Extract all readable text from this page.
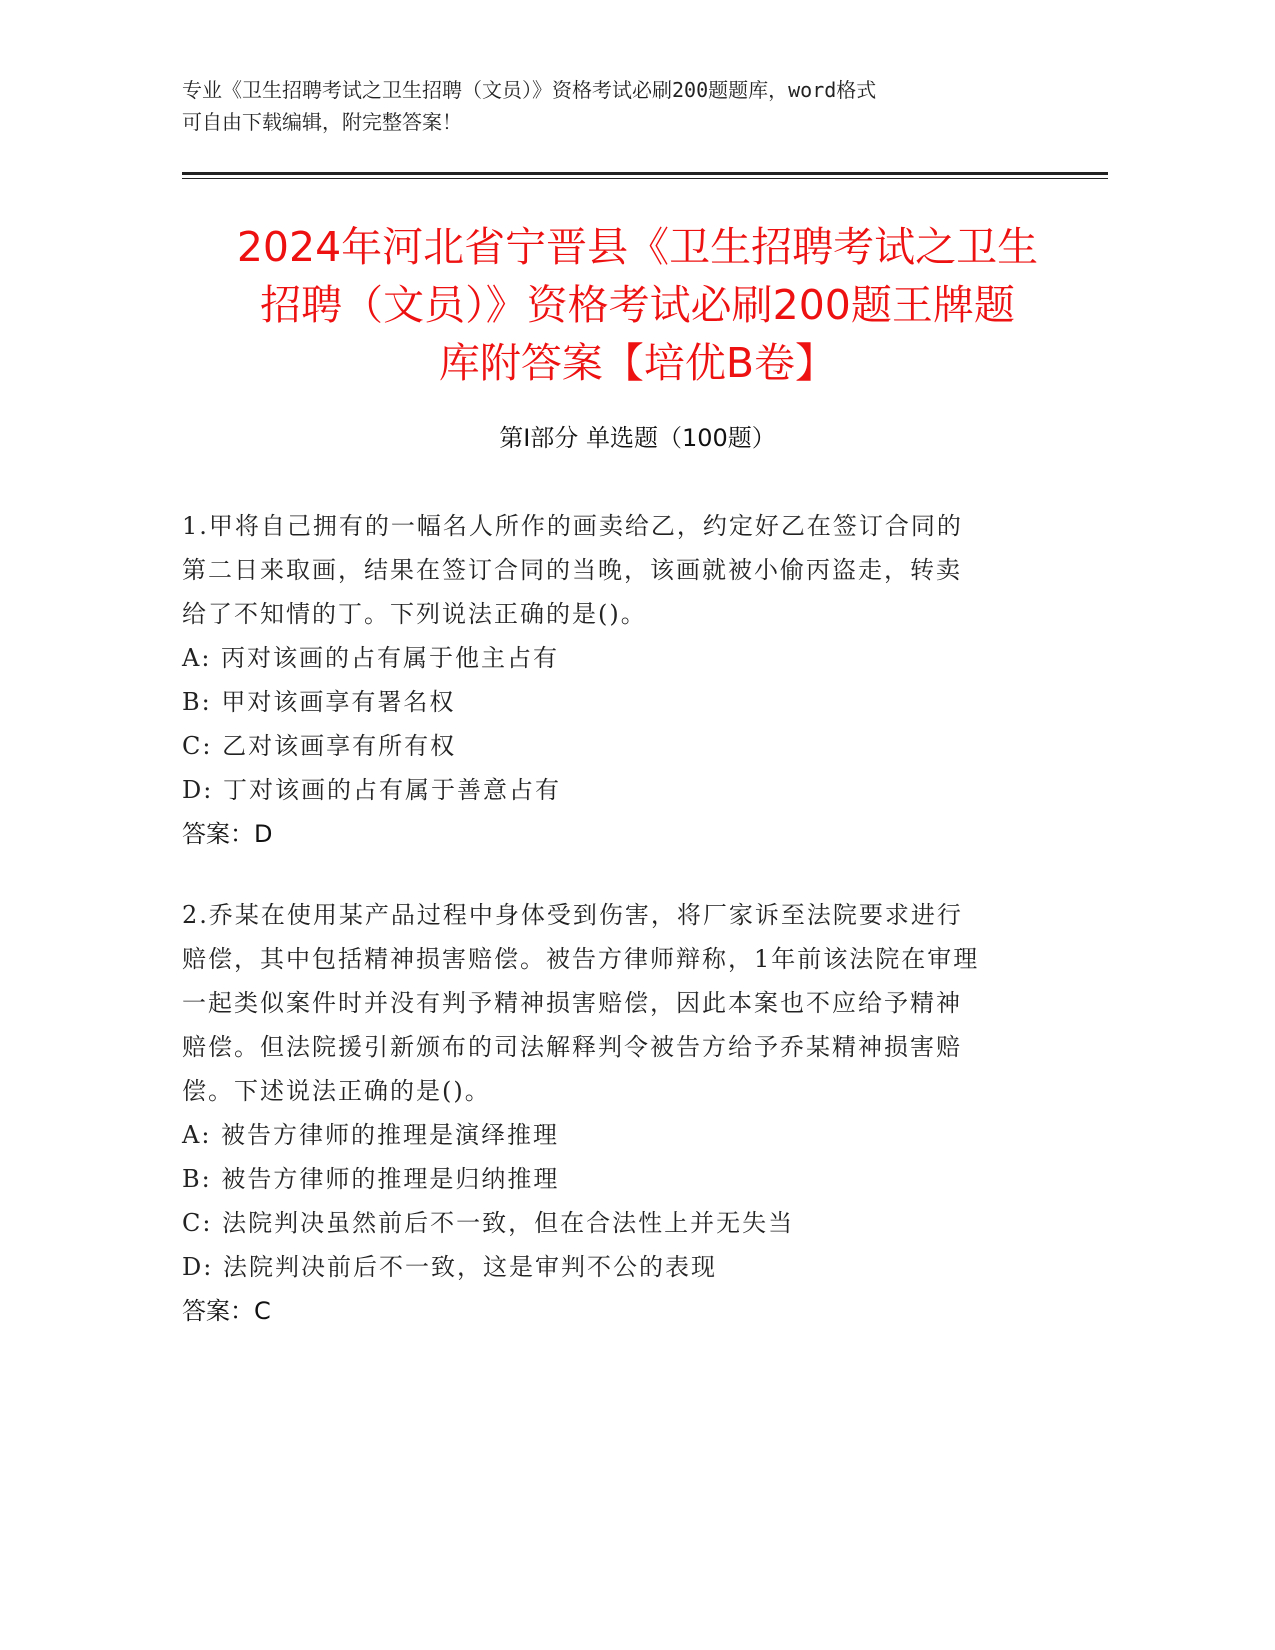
专业《卫生招聘考试之卫生招聘（文员）》资格考试必刷200题题库，word格式
可自由下载编辑，附完整答案！
2024年河北省宁晋县《卫生招聘考试之卫生
招聘（文员）》资格考试必刷200题王牌题
库附答案【培优B卷】
第Ⅰ部分 单选题（100题）
1.甲将自己拥有的一幅名人所作的画卖给乙，约定好乙在签订合同的
第二日来取画，结果在签订合同的当晚，该画就被小偷丙盗走，转卖
给了不知情的丁。下列说法正确的是()。
A: 丙对该画的占有属于他主占有
B: 甲对该画享有署名权
C: 乙对该画享有所有权
D: 丁对该画的占有属于善意占有
答案：D
2.乔某在使用某产品过程中身体受到伤害，将厂家诉至法院要求进行
赔偿，其中包括精神损害赔偿。被告方律师辩称，1年前该法院在审理
一起类似案件时并没有判予精神损害赔偿，因此本案也不应给予精神
赔偿。但法院援引新颁布的司法解释判令被告方给予乔某精神损害赔
偿。下述说法正确的是()。
A: 被告方律师的推理是演绎推理
B: 被告方律师的推理是归纳推理
C: 法院判决虽然前后不一致，但在合法性上并无失当
D: 法院判决前后不一致，这是审判不公的表现
答案：C
